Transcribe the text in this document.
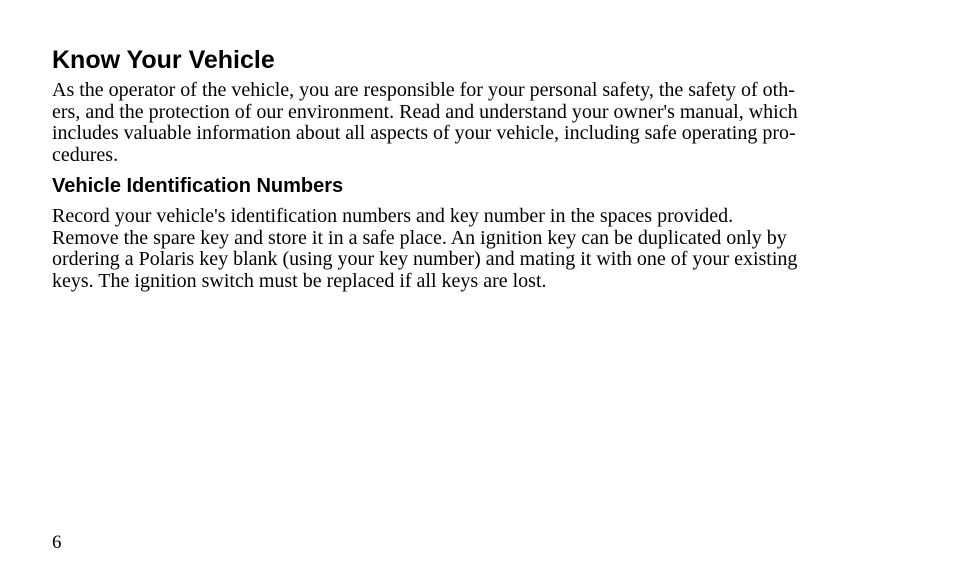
Know Your Vehicle

As the operator of the vehicle, you are responsible for your personal safety, the safety of oth-
ers, and the protection of our environment. Read and understand your owner's manual, which
includes valuable information about all aspects of your vehicle, including safe operating pro-
cedures.

Vehicle Identification Numbers

Record your vehicle's identification numbers and key number in the spaces provided.
Remove the spare key and store it in a safe place. An ignition key can be duplicated only by
ordering a Polaris key blank (using your key number) and mating it with one of your existing
keys. The ignition switch must be replaced if all keys are lost.

6
